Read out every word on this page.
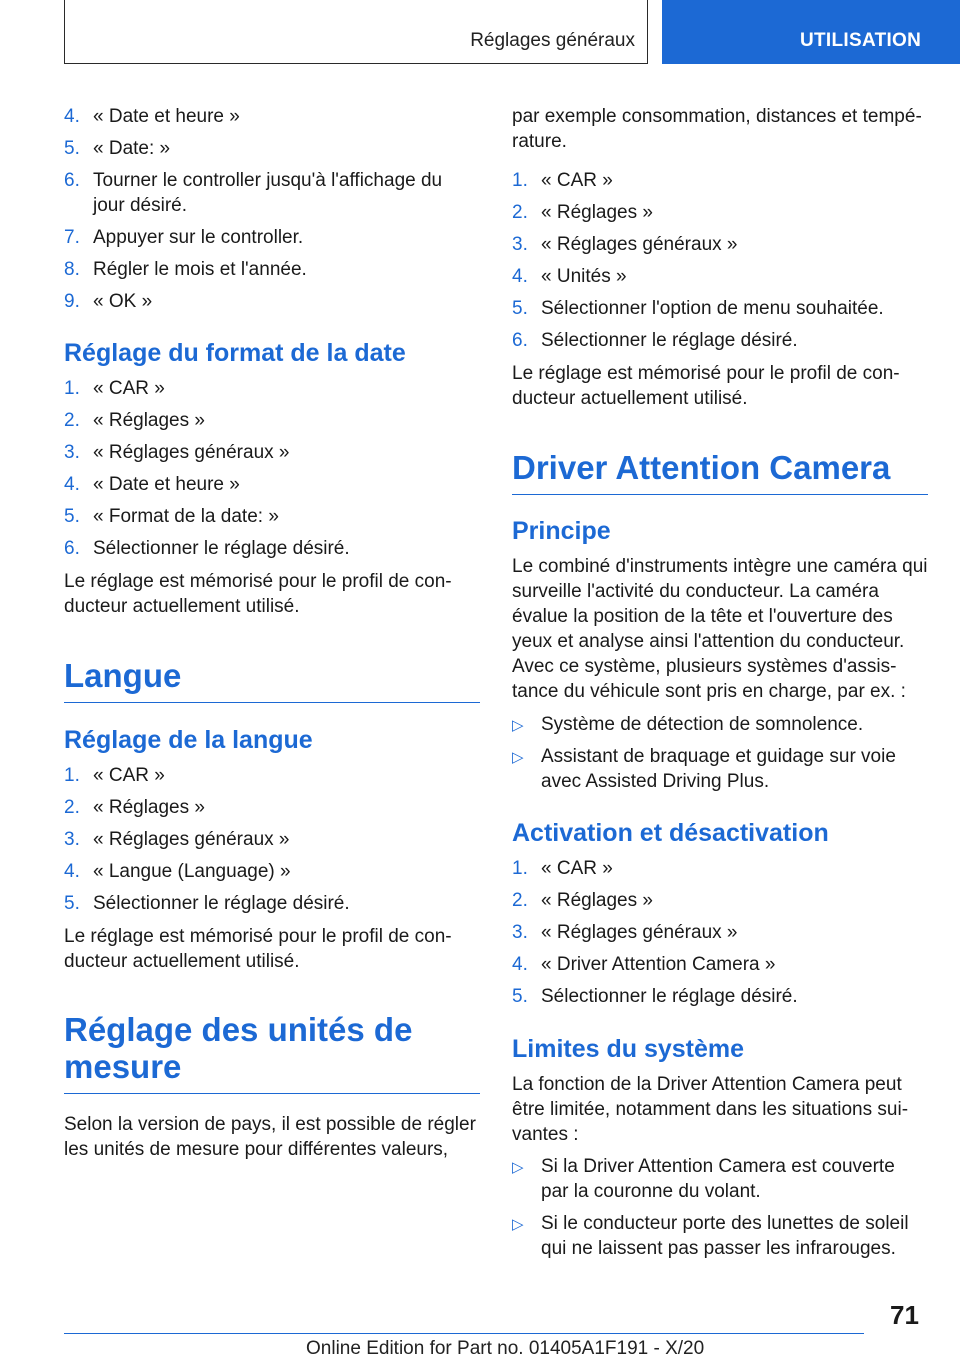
Réglages généraux	UTILISATION
4. « Date et heure »
5. « Date: »
6. Tourner le controller jusqu'à l'affichage du jour désiré.
7. Appuyer sur le controller.
8. Régler le mois et l'année.
9. « OK »
Réglage du format de la date
1. « CAR »
2. « Réglages »
3. « Réglages généraux »
4. « Date et heure »
5. « Format de la date: »
6. Sélectionner le réglage désiré.
Le réglage est mémorisé pour le profil de conducteur actuellement utilisé.
Langue
Réglage de la langue
1. « CAR »
2. « Réglages »
3. « Réglages généraux »
4. « Langue (Language) »
5. Sélectionner le réglage désiré.
Le réglage est mémorisé pour le profil de conducteur actuellement utilisé.
Réglage des unités de mesure
Selon la version de pays, il est possible de régler les unités de mesure pour différentes valeurs,
par exemple consommation, distances et température.
1. « CAR »
2. « Réglages »
3. « Réglages généraux »
4. « Unités »
5. Sélectionner l'option de menu souhaitée.
6. Sélectionner le réglage désiré.
Le réglage est mémorisé pour le profil de conducteur actuellement utilisé.
Driver Attention Camera
Principe
Le combiné d'instruments intègre une caméra qui surveille l'activité du conducteur. La caméra évalue la position de la tête et l'ouverture des yeux et analyse ainsi l'attention du conducteur. Avec ce système, plusieurs systèmes d'assistance du véhicule sont pris en charge, par ex. :
▷ Système de détection de somnolence.
▷ Assistant de braquage et guidage sur voie avec Assisted Driving Plus.
Activation et désactivation
1. « CAR »
2. « Réglages »
3. « Réglages généraux »
4. « Driver Attention Camera »
5. Sélectionner le réglage désiré.
Limites du système
La fonction de la Driver Attention Camera peut être limitée, notamment dans les situations suivantes :
▷ Si la Driver Attention Camera est couverte par la couronne du volant.
▷ Si le conducteur porte des lunettes de soleil qui ne laissent pas passer les infrarouges.
71
Online Edition for Part no. 01405A1F191 - X/20
